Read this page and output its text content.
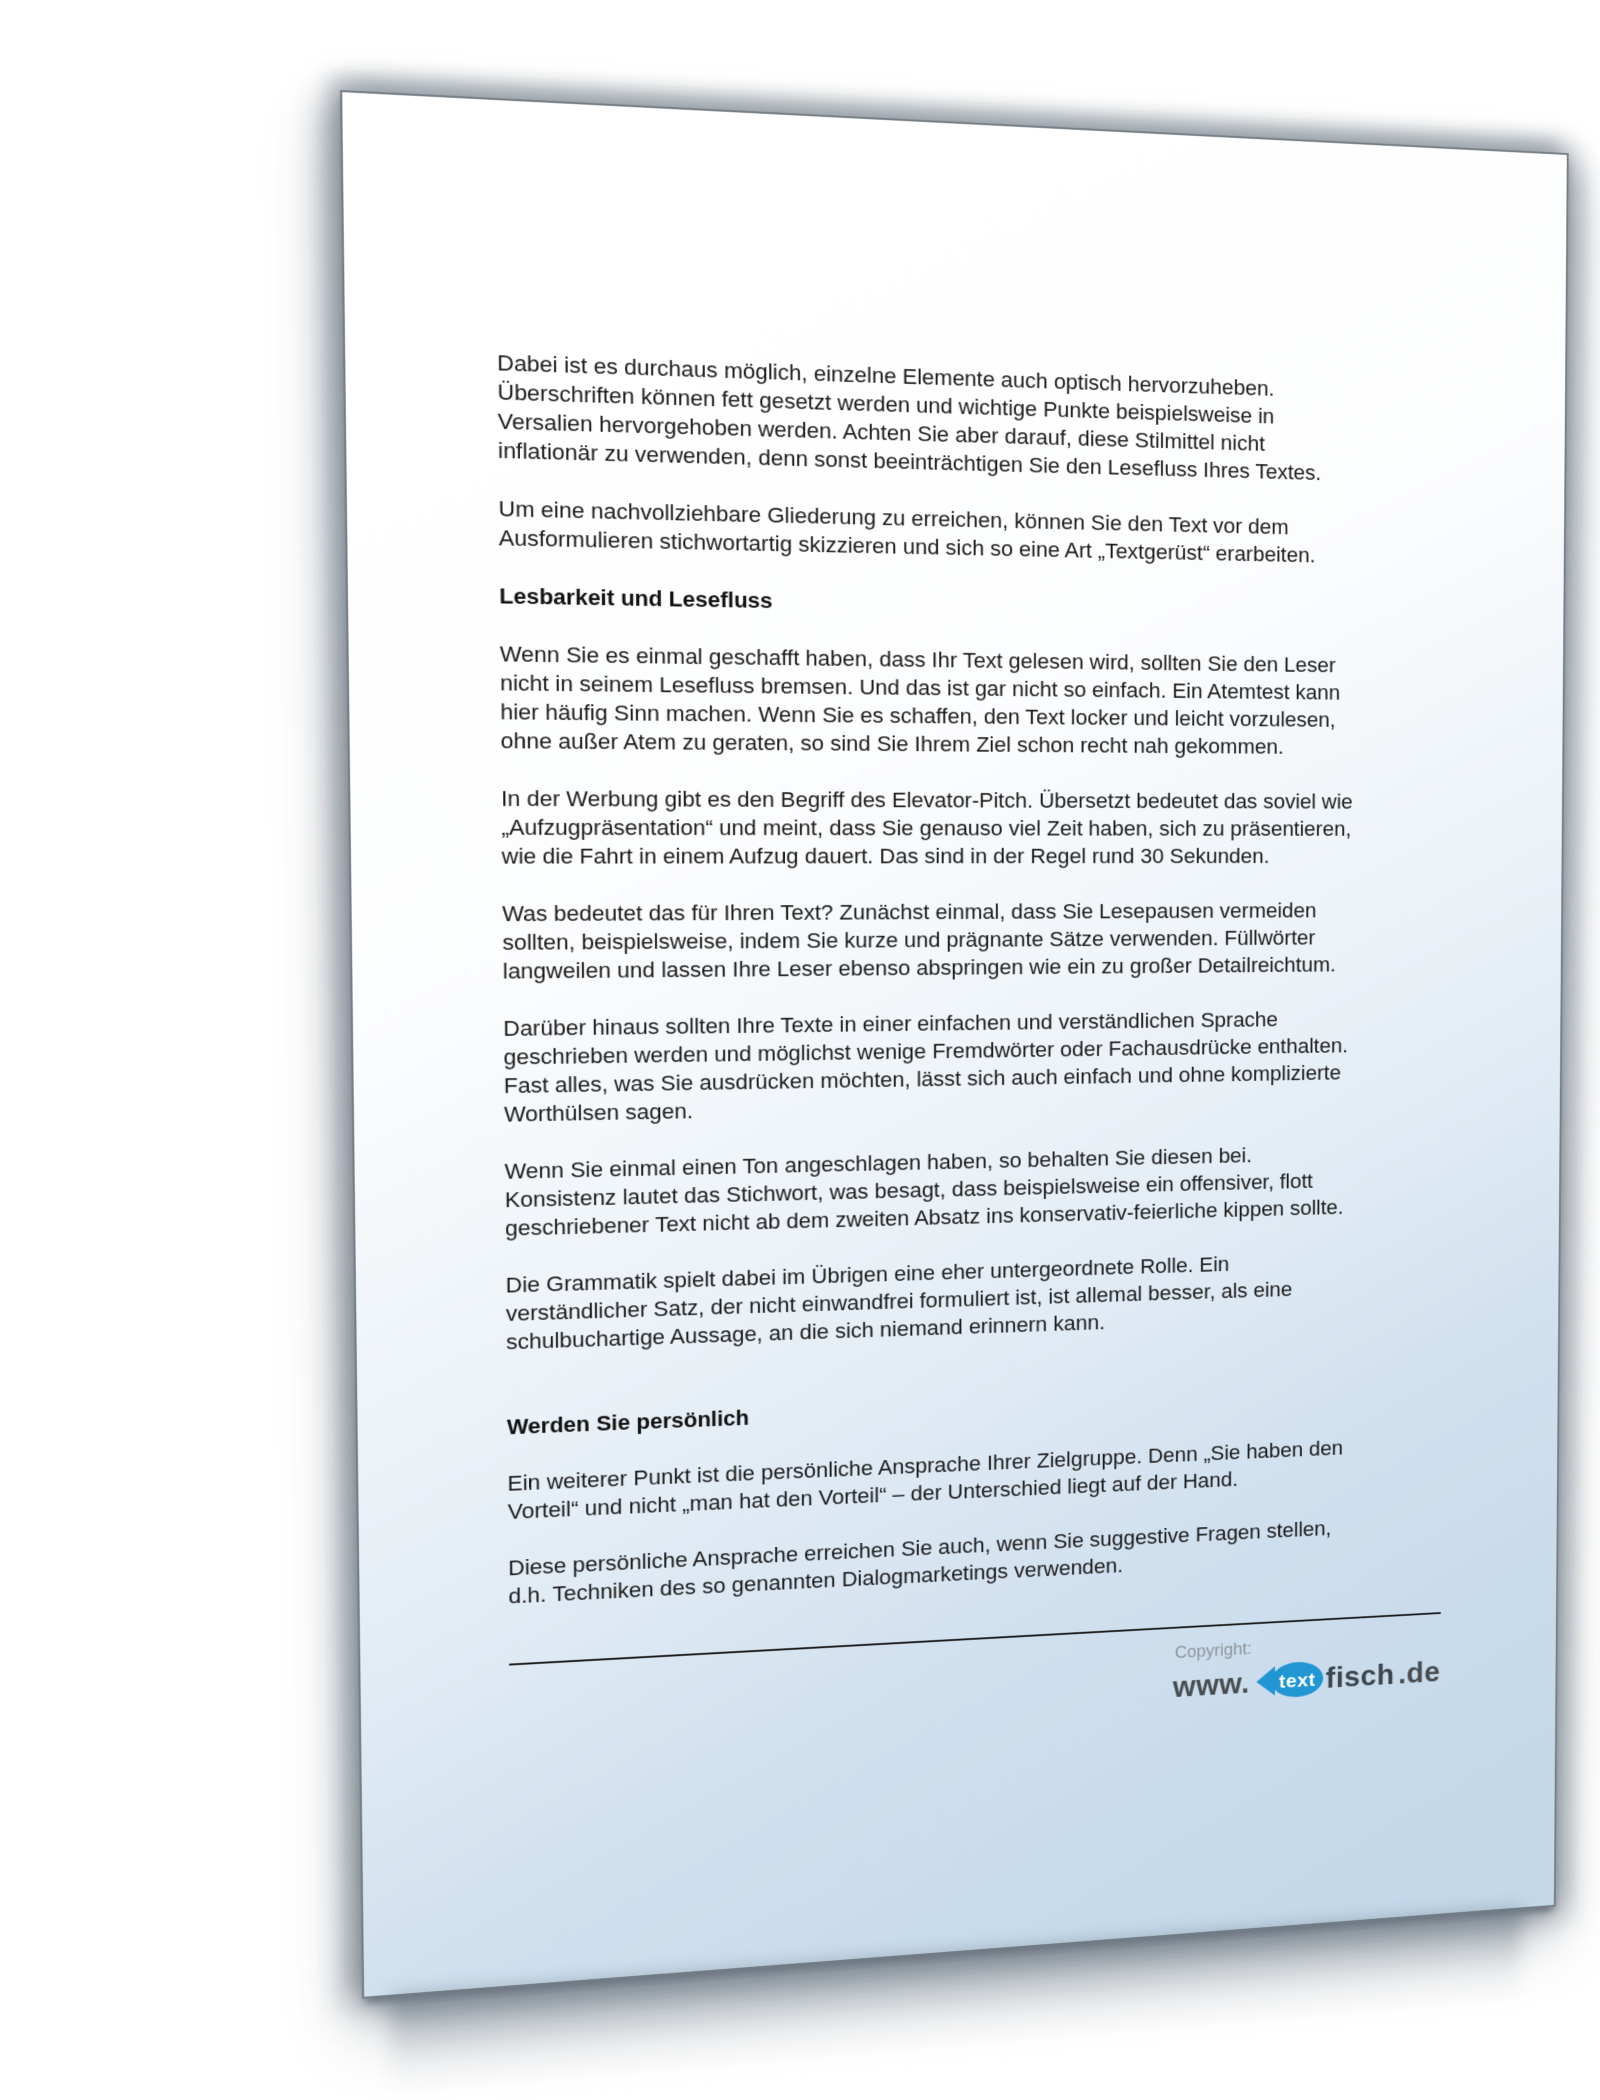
Dabei ist es durchaus möglich, einzelne Elemente auch optisch hervorzuheben.
Überschriften können fett gesetzt werden und wichtige Punkte beispielsweise in
Versalien hervorgehoben werden. Achten Sie aber darauf, diese Stilmittel nicht
inflationär zu verwenden, denn sonst beeinträchtigen Sie den Lesefluss Ihres Textes.

Um eine nachvollziehbare Gliederung zu erreichen, können Sie den Text vor dem
Ausformulieren stichwortartig skizzieren und sich so eine Art „Textgerüst“ erarbeiten.

Lesbarkeit und Lesefluss

Wenn Sie es einmal geschafft haben, dass Ihr Text gelesen wird, sollten Sie den Leser
nicht in seinem Lesefluss bremsen. Und das ist gar nicht so einfach. Ein Atemtest kann
hier häufig Sinn machen. Wenn Sie es schaffen, den Text locker und leicht vorzulesen,
ohne außer Atem zu geraten, so sind Sie Ihrem Ziel schon recht nah gekommen.

In der Werbung gibt es den Begriff des Elevator-Pitch. Übersetzt bedeutet das soviel wie
„Aufzugpräsentation“ und meint, dass Sie genauso viel Zeit haben, sich zu präsentieren,
wie die Fahrt in einem Aufzug dauert. Das sind in der Regel rund 30 Sekunden.

Was bedeutet das für Ihren Text? Zunächst einmal, dass Sie Lesepausen vermeiden
sollten, beispielsweise, indem Sie kurze und prägnante Sätze verwenden. Füllwörter
langweilen und lassen Ihre Leser ebenso abspringen wie ein zu großer Detailreichtum.

Darüber hinaus sollten Ihre Texte in einer einfachen und verständlichen Sprache
geschrieben werden und möglichst wenige Fremdwörter oder Fachausdrücke enthalten.
Fast alles, was Sie ausdrücken möchten, lässt sich auch einfach und ohne komplizierte
Worthülsen sagen.

Wenn Sie einmal einen Ton angeschlagen haben, so behalten Sie diesen bei.
Konsistenz lautet das Stichwort, was besagt, dass beispielsweise ein offensiver, flott
geschriebener Text nicht ab dem zweiten Absatz ins konservativ-feierliche kippen sollte.

Die Grammatik spielt dabei im Übrigen eine eher untergeordnete Rolle. Ein
verständlicher Satz, der nicht einwandfrei formuliert ist, ist allemal besser, als eine
schulbuchartige Aussage, an die sich niemand erinnern kann.

Werden Sie persönlich

Ein weiterer Punkt ist die persönliche Ansprache Ihrer Zielgruppe. Denn „Sie haben den
Vorteil“ und nicht „man hat den Vorteil“ – der Unterschied liegt auf der Hand.

Diese persönliche Ansprache erreichen Sie auch, wenn Sie suggestive Fragen stellen,
d.h. Techniken des so genannten Dialogmarketings verwenden.

Copyright:
www. text fisch .de
